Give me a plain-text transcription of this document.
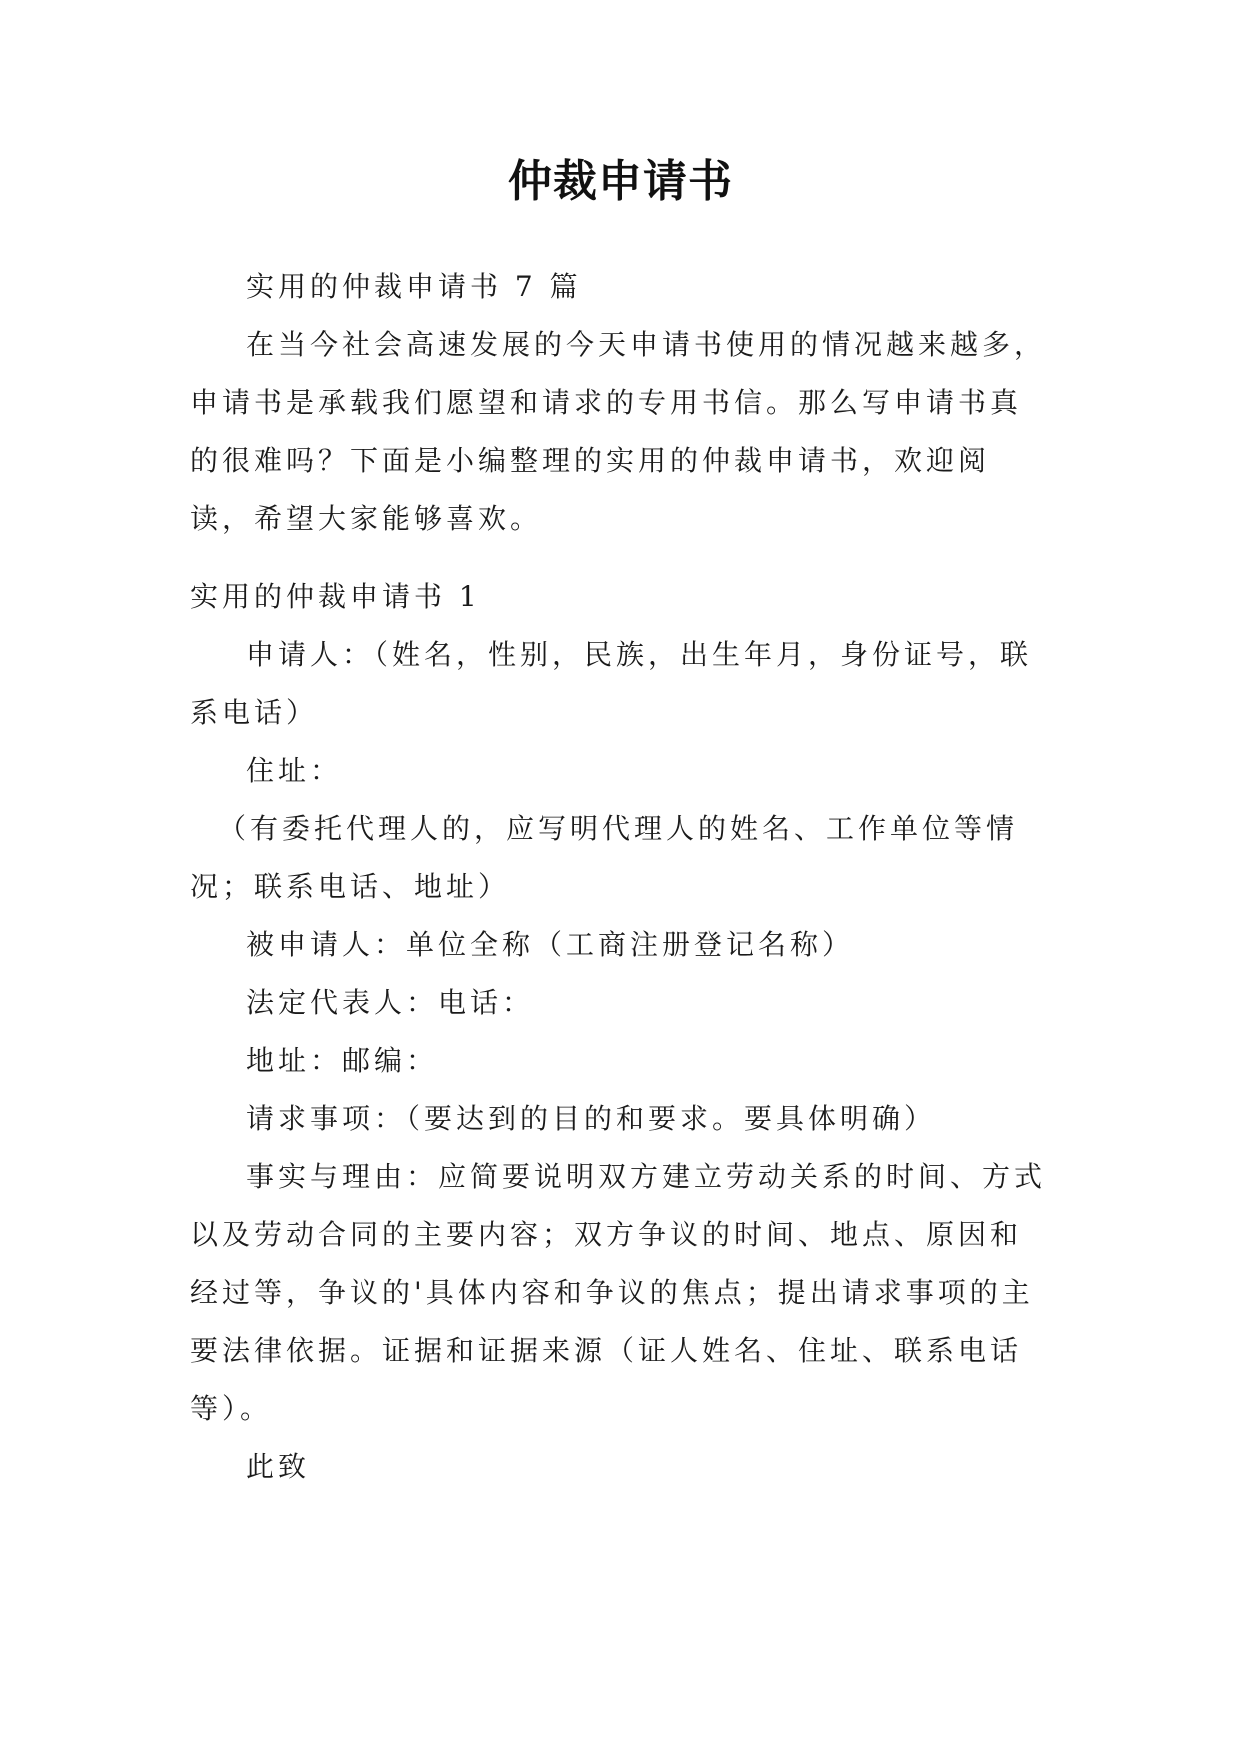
仲裁申请书

实用的仲裁申请书 7 篇

在当今社会高速发展的今天申请书使用的情况越来越多，申请书是承载我们愿望和请求的专用书信。那么写申请书真的很难吗？下面是小编整理的实用的仲裁申请书，欢迎阅读，希望大家能够喜欢。

实用的仲裁申请书 1

申请人：（姓名，性别，民族，出生年月，身份证号，联系电话）

住址：

（有委托代理人的，应写明代理人的姓名、工作单位等情况；联系电话、地址）

被申请人：单位全称（工商注册登记名称）

法定代表人：电话：

地址：邮编：

请求事项：（要达到的目的和要求。要具体明确）

事实与理由：应简要说明双方建立劳动关系的时间、方式以及劳动合同的主要内容；双方争议的时间、地点、原因和经过等，争议的'具体内容和争议的焦点；提出请求事项的主要法律依据。证据和证据来源（证人姓名、住址、联系电话等）。

此致
